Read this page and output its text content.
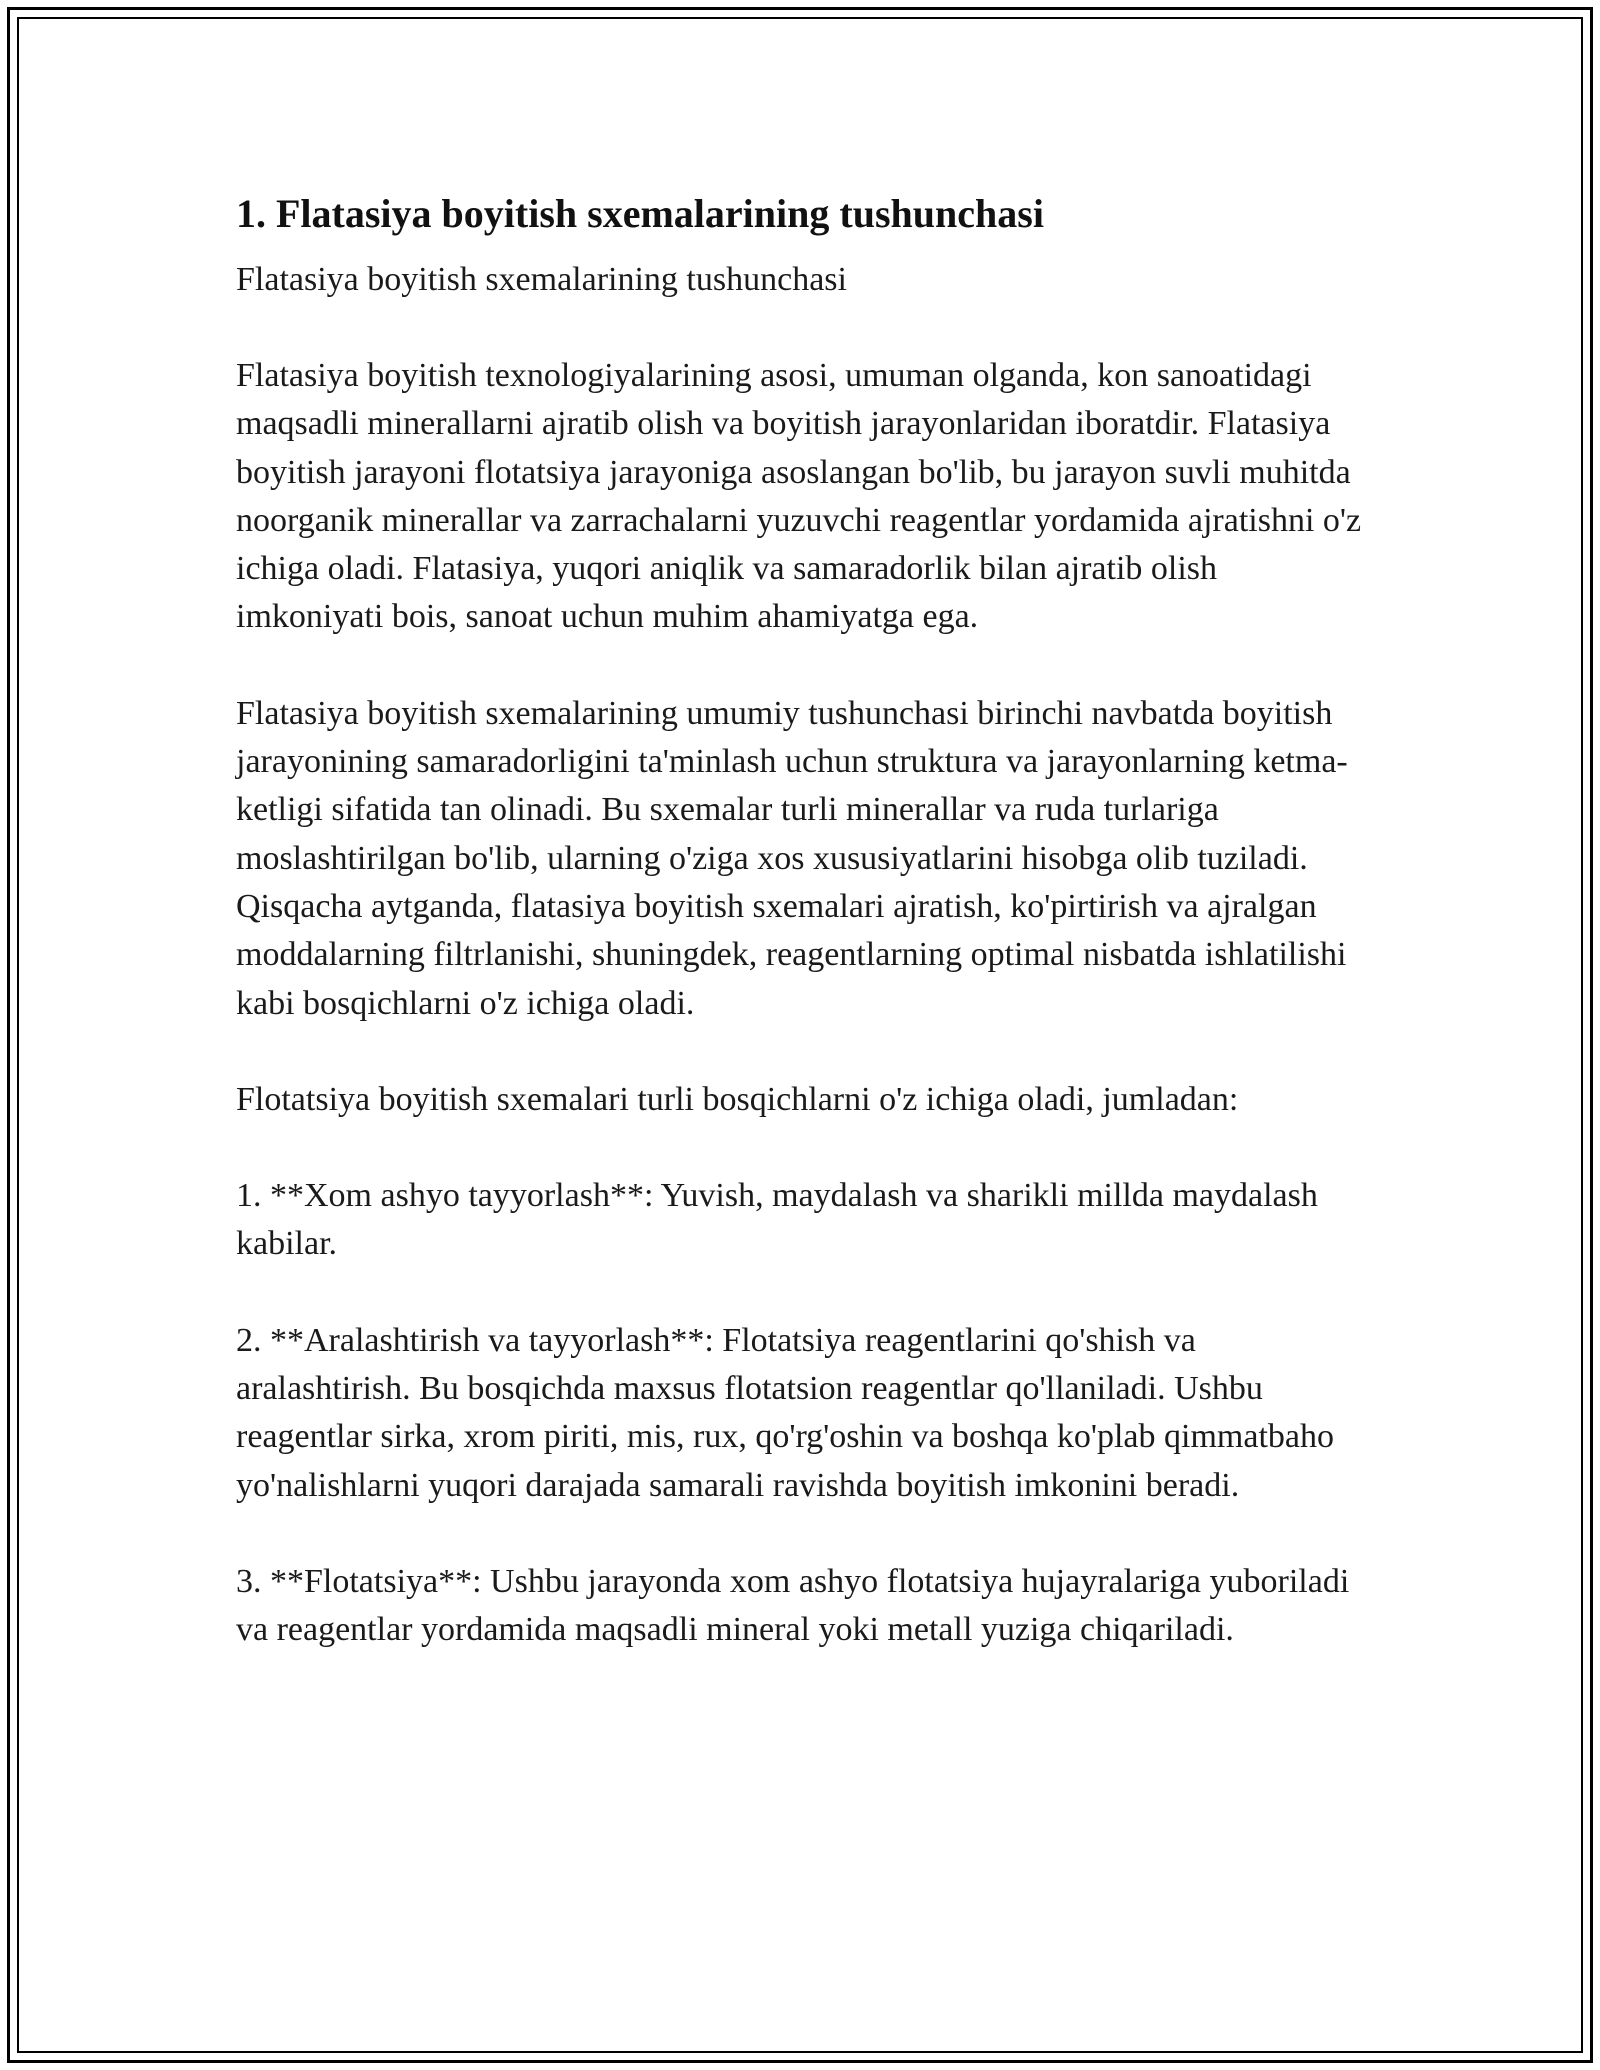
1. Flatasiya boyitish sxemalarining tushunchasi

Flatasiya boyitish sxemalarining tushunchasi

Flatasiya boyitish texnologiyalarining asosi, umuman olganda, kon sanoatidagi maqsadli minerallarni ajratib olish va boyitish jarayonlaridan iboratdir. Flatasiya boyitish jarayoni flotatsiya jarayoniga asoslangan bo'lib, bu jarayon suvli muhitda noorganik minerallar va zarrachalarni yuzuvchi reagentlar yordamida ajratishni o'z ichiga oladi. Flatasiya, yuqori aniqlik va samaradorlik bilan ajratib olish imkoniyati bois, sanoat uchun muhim ahamiyatga ega.

Flatasiya boyitish sxemalarining umumiy tushunchasi birinchi navbatda boyitish jarayonining samaradorligini ta'minlash uchun struktura va jarayonlarning ketma-ketligi sifatida tan olinadi. Bu sxemalar turli minerallar va ruda turlariga moslashtirilgan bo'lib, ularning o'ziga xos xususiyatlarini hisobga olib tuziladi. Qisqacha aytganda, flatasiya boyitish sxemalari ajratish, ko'pirtirish va ajralgan moddalarning filtrlanishi, shuningdek, reagentlarning optimal nisbatda ishlatilishi kabi bosqichlarni o'z ichiga oladi.

Flotatsiya boyitish sxemalari turli bosqichlarni o'z ichiga oladi, jumladan:

1. **Xom ashyo tayyorlash**: Yuvish, maydalash va sharikli millda maydalash kabilar.

2. **Aralashtirish va tayyorlash**: Flotatsiya reagentlarini qo'shish va aralashtirish. Bu bosqichda maxsus flotatsion reagentlar qo'llaniladi. Ushbu reagentlar sirka, xrom piriti, mis, rux, qo'rg'oshin va boshqa ko'plab qimmatbaho yo'nalishlarni yuqori darajada samarali ravishda boyitish imkonini beradi.

3. **Flotatsiya**: Ushbu jarayonda xom ashyo flotatsiya hujayralariga yuboriladi va reagentlar yordamida maqsadli mineral yoki metall yuziga chiqariladi.
